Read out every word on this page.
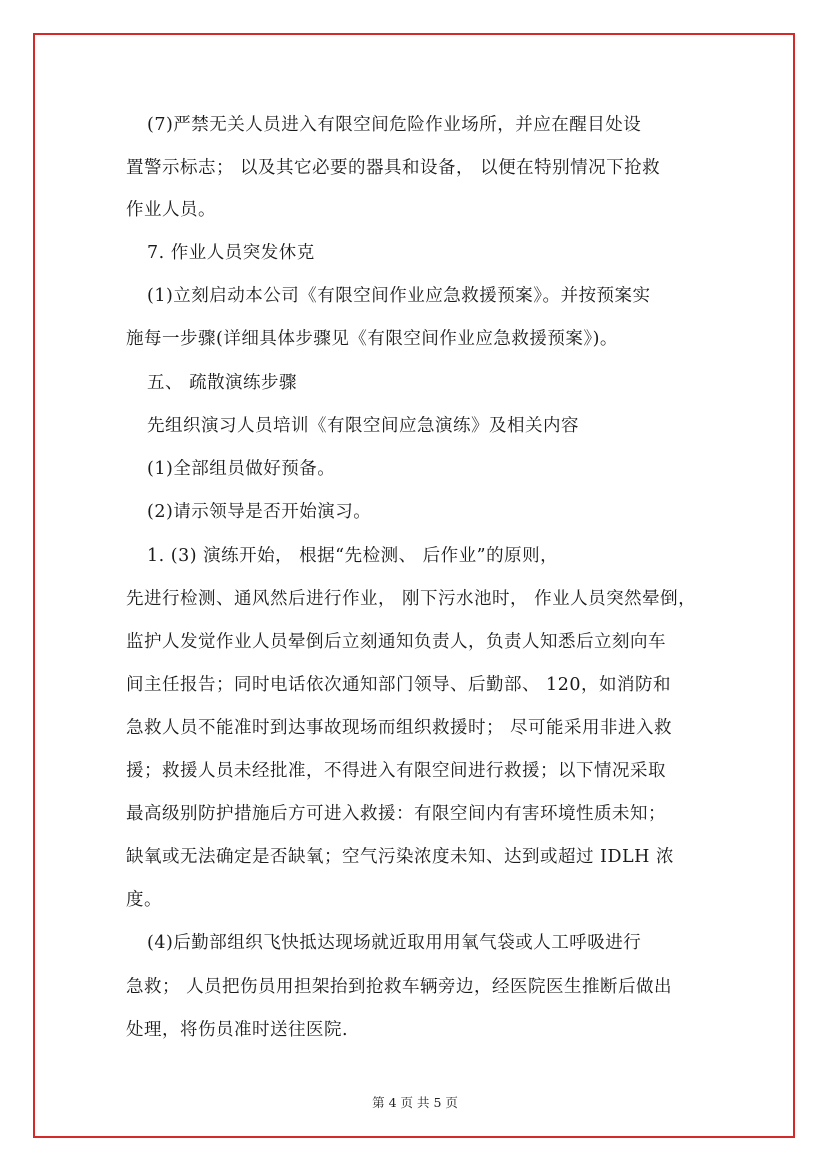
(7)严禁无关人员进入有限空间危险作业场所，并应在醒目处设
置警示标志； 以及其它必要的器具和设备， 以便在特别情况下抢救
作业人员。
7. 作业人员突发休克
(1)立刻启动本公司《有限空间作业应急救援预案》。并按预案实
施每一步骤(详细具体步骤见《有限空间作业应急救援预案》)。
五、 疏散演练步骤
先组织演习人员培训《有限空间应急演练》及相关内容
(1)全部组员做好预备。
(2)请示领导是否开始演习。
1. (3) 演练开始， 根据“先检测、 后作业”的原则，
先进行检测、通风然后进行作业， 刚下污水池时， 作业人员突然晕倒，
监护人发觉作业人员晕倒后立刻通知负责人，负责人知悉后立刻向车
间主任报告；同时电话依次通知部门领导、后勤部、 120，如消防和
急救人员不能准时到达事故现场而组织救援时； 尽可能采用非进入救
援；救援人员未经批准，不得进入有限空间进行救援；以下情况采取
最高级别防护措施后方可进入救援：有限空间内有害环境性质未知；
缺氧或无法确定是否缺氧；空气污染浓度未知、达到或超过 IDLH 浓
度。
(4)后勤部组织飞快抵达现场就近取用用氧气袋或人工呼吸进行
急救； 人员把伤员用担架抬到抢救车辆旁边，经医院医生推断后做出
处理，将伤员准时送往医院.
第 4 页 共 5 页
